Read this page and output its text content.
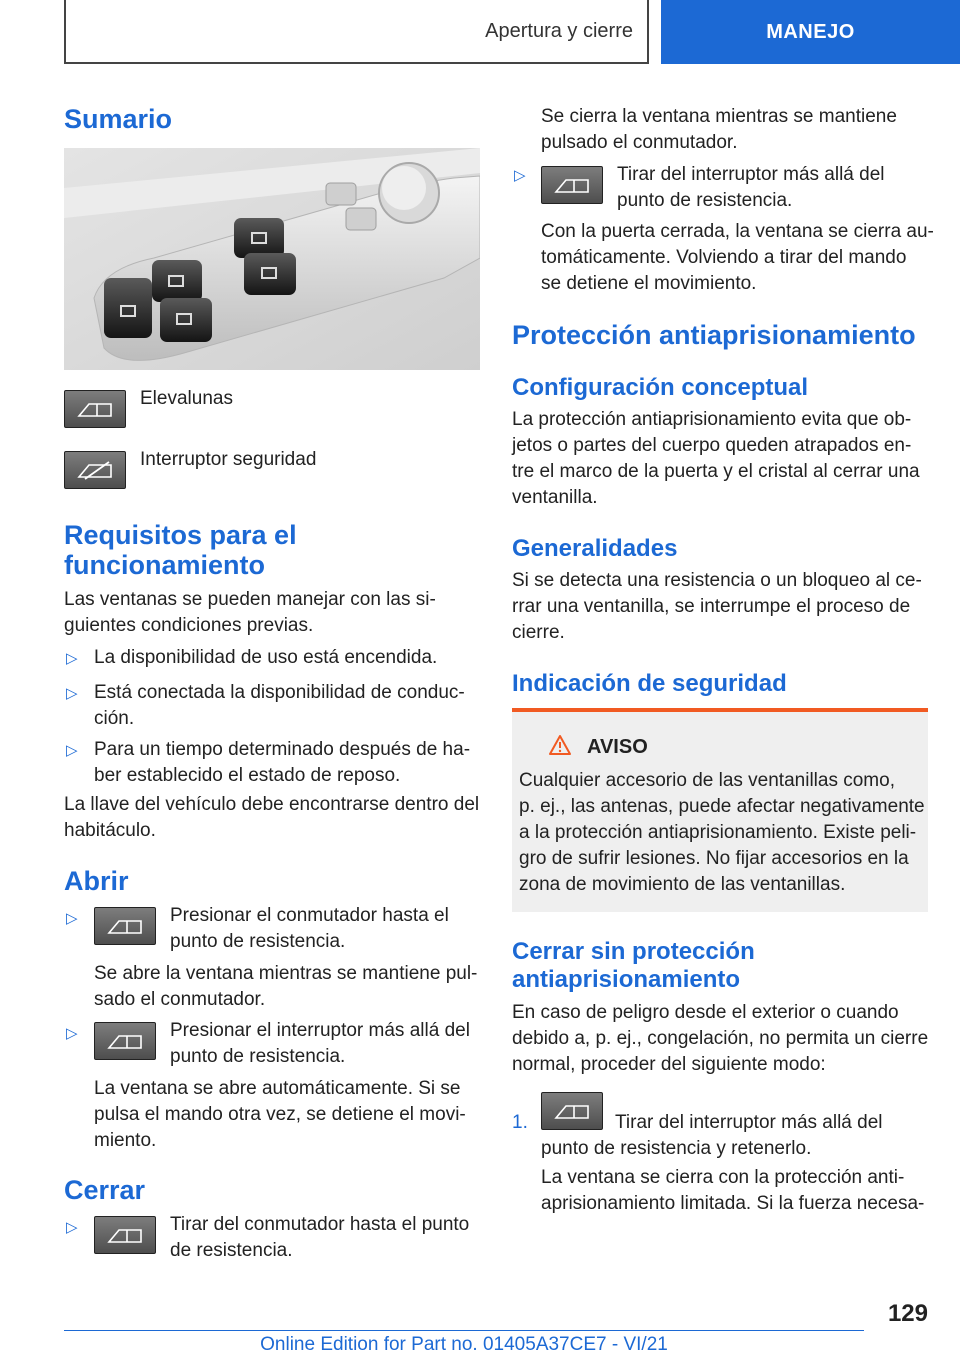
Apertura y cierre	MANEJO
Sumario
Elevalunas
Interruptor seguridad
Requisitos para el
funcionamiento
Las ventanas se pueden manejar con las si‐
guientes condiciones previas.
▷ La disponibilidad de uso está encendida.
▷ Está conectada la disponibilidad de conduc‐
ción.
▷ Para un tiempo determinado después de ha‐
ber establecido el estado de reposo.
La llave del vehículo debe encontrarse dentro del
habitáculo.
Abrir
▷	Presionar el conmutador hasta el
punto de resistencia.
Se abre la ventana mientras se mantiene pul‐
sado el conmutador.
▷	Presionar el interruptor más allá del
punto de resistencia.
La ventana se abre automáticamente. Si se
pulsa el mando otra vez, se detiene el movi‐
miento.
Cerrar
▷	Tirar del conmutador hasta el punto
de resistencia.
Se cierra la ventana mientras se mantiene
pulsado el conmutador.
▷	Tirar del interruptor más allá del
punto de resistencia.
Con la puerta cerrada, la ventana se cierra au‐
tomáticamente. Volviendo a tirar del mando
se detiene el movimiento.
Protección antiaprisionamiento
Configuración conceptual
La protección antiaprisionamiento evita que ob‐
jetos o partes del cuerpo queden atrapados en‐
tre el marco de la puerta y el cristal al cerrar una
ventanilla.
Generalidades
Si se detecta una resistencia o un bloqueo al ce‐
rrar una ventanilla, se interrumpe el proceso de
cierre.
Indicación de seguridad
AVISO
Cualquier accesorio de las ventanillas como,
p. ej., las antenas, puede afectar negativamente
a la protección antiaprisionamiento. Existe peli‐
gro de sufrir lesiones. No fijar accesorios en la
zona de movimiento de las ventanillas.
Cerrar sin protección
antiaprisionamiento
En caso de peligro desde el exterior o cuando
debido a, p. ej., congelación, no permita un cierre
normal, proceder del siguiente modo:
1.	Tirar del interruptor más allá del
punto de resistencia y retenerlo.
La ventana se cierra con la protección anti‐
aprisionamiento limitada. Si la fuerza necesa‐
129
Online Edition for Part no. 01405A37CE7 - VI/21
